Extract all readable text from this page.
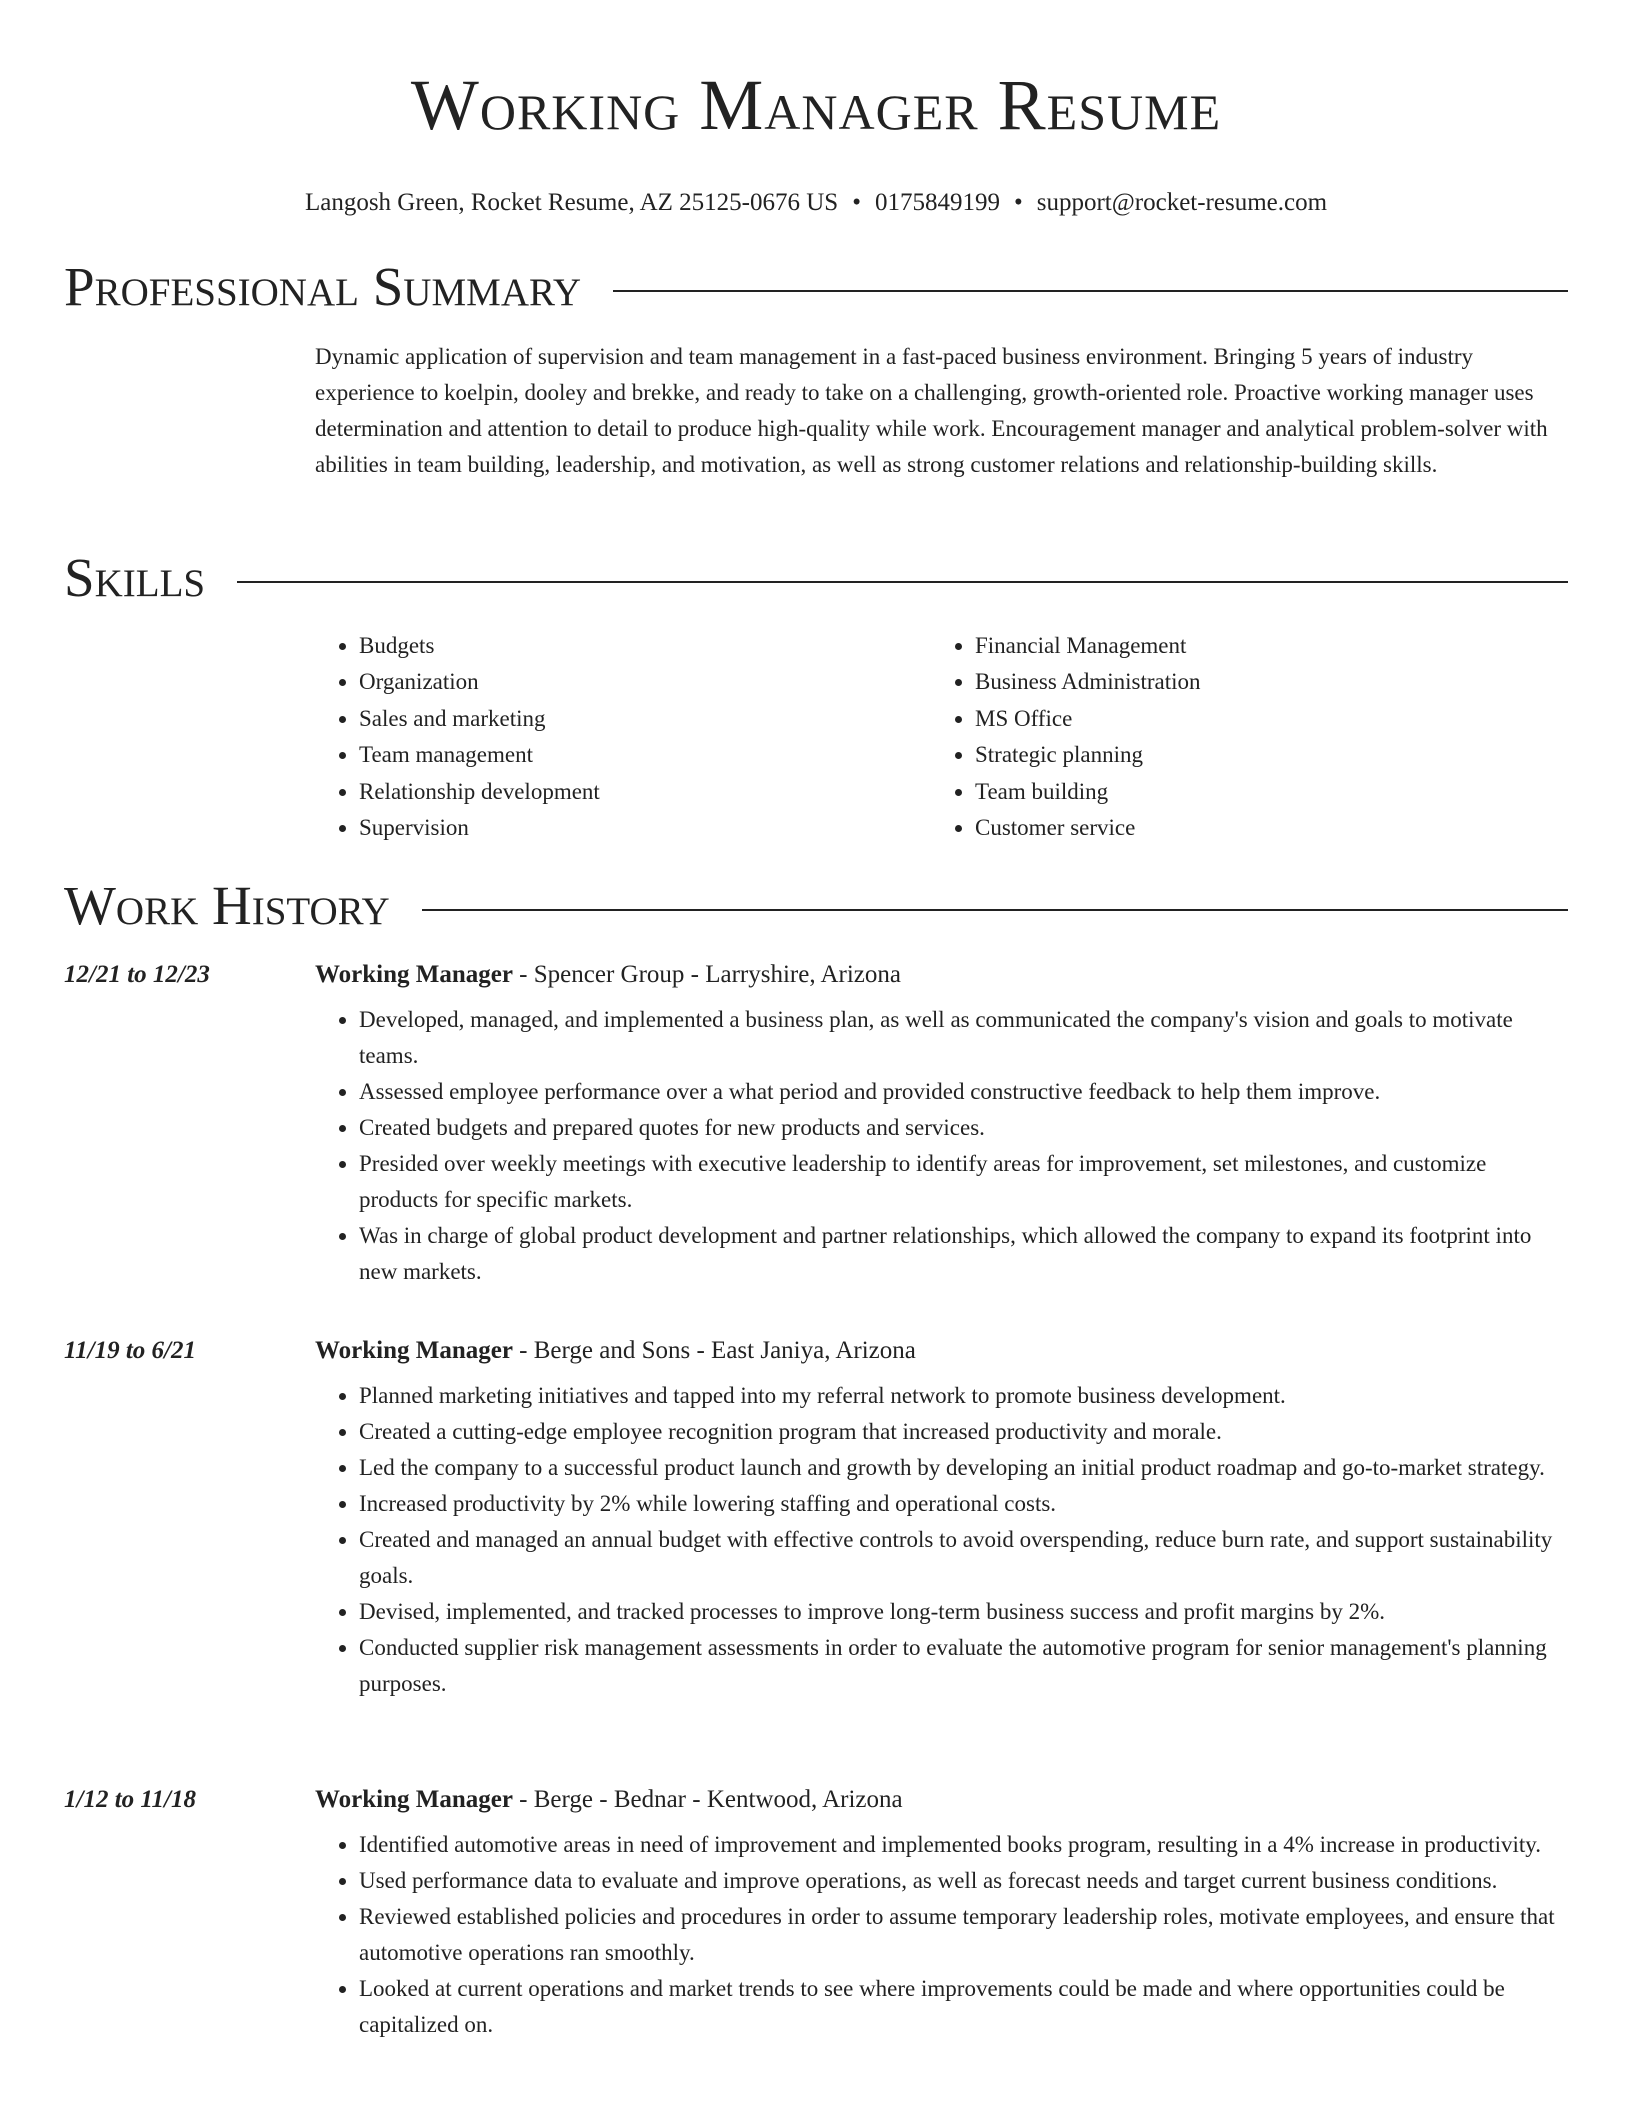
Working Manager Resume
Langosh Green, Rocket Resume, AZ 25125-0676 US • 0175849199 • support@rocket-resume.com
Professional Summary
Dynamic application of supervision and team management in a fast-paced business environment. Bringing 5 years of industry experience to koelpin, dooley and brekke, and ready to take on a challenging, growth-oriented role. Proactive working manager uses determination and attention to detail to produce high-quality while work. Encouragement manager and analytical problem-solver with abilities in team building, leadership, and motivation, as well as strong customer relations and relationship-building skills.
Skills
• Budgets
• Organization
• Sales and marketing
• Team management
• Relationship development
• Supervision
• Financial Management
• Business Administration
• MS Office
• Strategic planning
• Team building
• Customer service
Work History
12/21 to 12/23	Working Manager - Spencer Group - Larryshire, Arizona
• Developed, managed, and implemented a business plan, as well as communicated the company's vision and goals to motivate teams.
• Assessed employee performance over a what period and provided constructive feedback to help them improve.
• Created budgets and prepared quotes for new products and services.
• Presided over weekly meetings with executive leadership to identify areas for improvement, set milestones, and customize products for specific markets.
• Was in charge of global product development and partner relationships, which allowed the company to expand its footprint into new markets.
11/19 to 6/21	Working Manager - Berge and Sons - East Janiya, Arizona
• Planned marketing initiatives and tapped into my referral network to promote business development.
• Created a cutting-edge employee recognition program that increased productivity and morale.
• Led the company to a successful product launch and growth by developing an initial product roadmap and go-to-market strategy.
• Increased productivity by 2% while lowering staffing and operational costs.
• Created and managed an annual budget with effective controls to avoid overspending, reduce burn rate, and support sustainability goals.
• Devised, implemented, and tracked processes to improve long-term business success and profit margins by 2%.
• Conducted supplier risk management assessments in order to evaluate the automotive program for senior management's planning purposes.
1/12 to 11/18	Working Manager - Berge - Bednar - Kentwood, Arizona
• Identified automotive areas in need of improvement and implemented books program, resulting in a 4% increase in productivity.
• Used performance data to evaluate and improve operations, as well as forecast needs and target current business conditions.
• Reviewed established policies and procedures in order to assume temporary leadership roles, motivate employees, and ensure that automotive operations ran smoothly.
• Looked at current operations and market trends to see where improvements could be made and where opportunities could be capitalized on.
